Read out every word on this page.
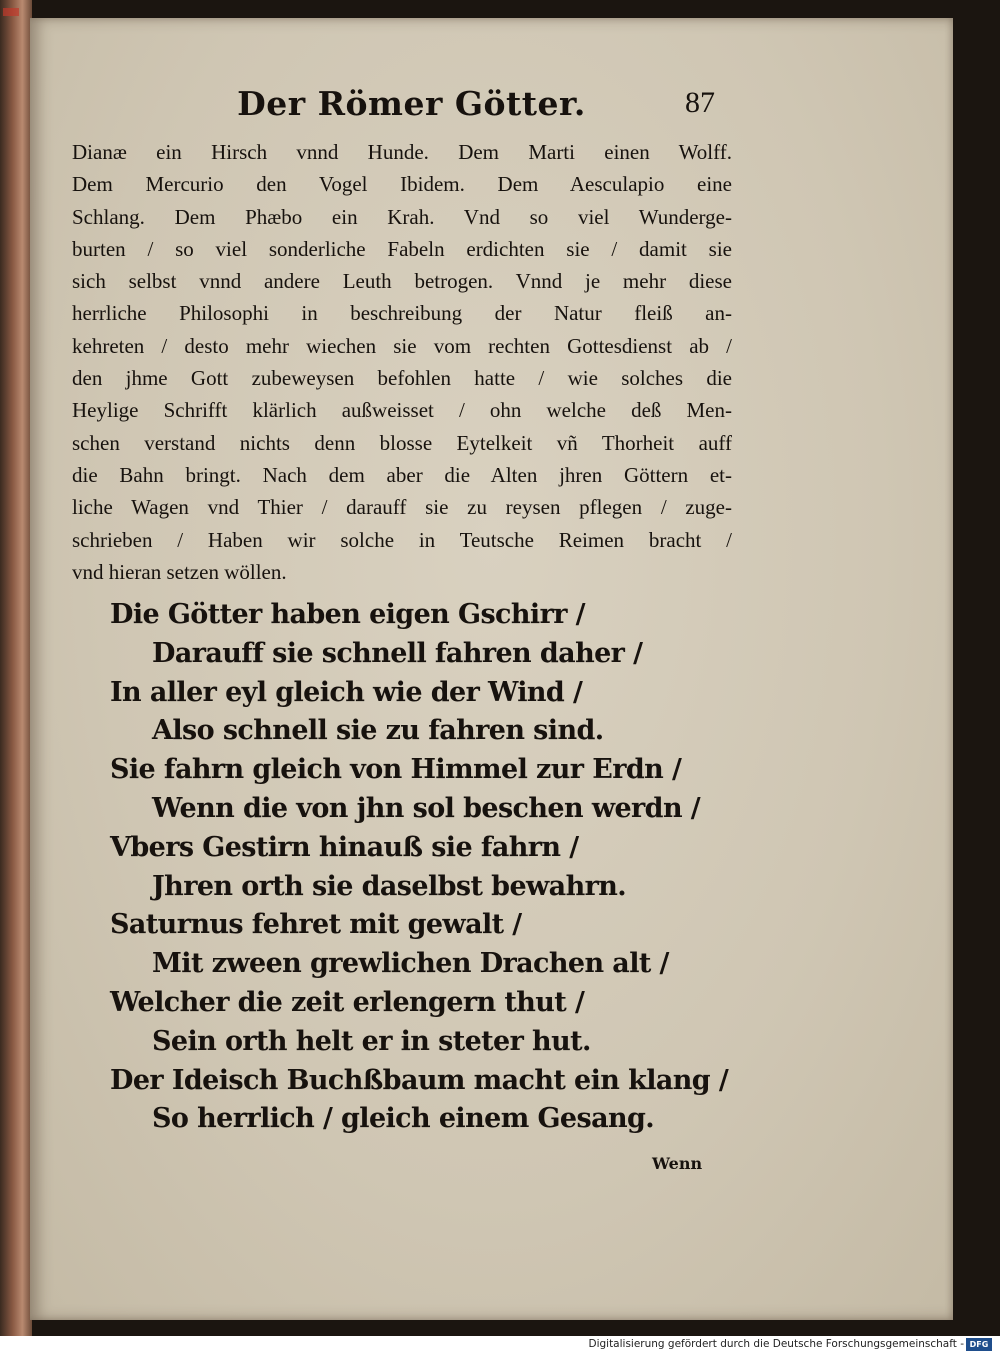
Der Römer Götter.	87
Dianæ ein Hirsch vnnd Hunde. Dem Marti einen Wolff.
Dem Mercurio den Vogel Ibidem. Dem Aesculapio eine
Schlang. Dem Phæbo ein Krah. Vnd so viel Wunderge-
burten / so viel sonderliche Fabeln erdichten sie / damit sie
sich selbst vnnd andere Leuth betrogen. Vnnd je mehr diese
herrliche Philosophi in beschreibung der Natur fleiß an-
kehreten / desto mehr wiechen sie vom rechten Gottesdienst ab /
den jhme Gott zubeweysen befohlen hatte / wie solches die
Heylige Schrifft klärlich außweisset / ohn welche deß Men-
schen verstand nichts denn blosse Eytelkeit vñ Thorheit auff
die Bahn bringt. Nach dem aber die Alten jhren Göttern et-
liche Wagen vnd Thier / darauff sie zu reysen pflegen / zuge-
schrieben / Haben wir solche in Teutsche Reimen bracht /
vnd hieran setzen wöllen.
Die Götter haben eigen Gschirr /
Darauff sie schnell fahren daher /
In aller eyl gleich wie der Wind /
Also schnell sie zu fahren sind.
Sie fahrn gleich von Himmel zur Erdn /
Wenn die von jhn sol beschen werdn /
Vbers Gestirn hinauß sie fahrn /
Jhren orth sie daselbst bewahrn.
Saturnus fehret mit gewalt /
Mit zween grewlichen Drachen alt /
Welcher die zeit erlengern thut /
Sein orth helt er in steter hut.
Der Ideisch Buchßbaum macht ein klang /
So herrlich / gleich einem Gesang.
Wenn
Digitalisierung gefördert durch die Deutsche Forschungsgemeinschaft - DFG
